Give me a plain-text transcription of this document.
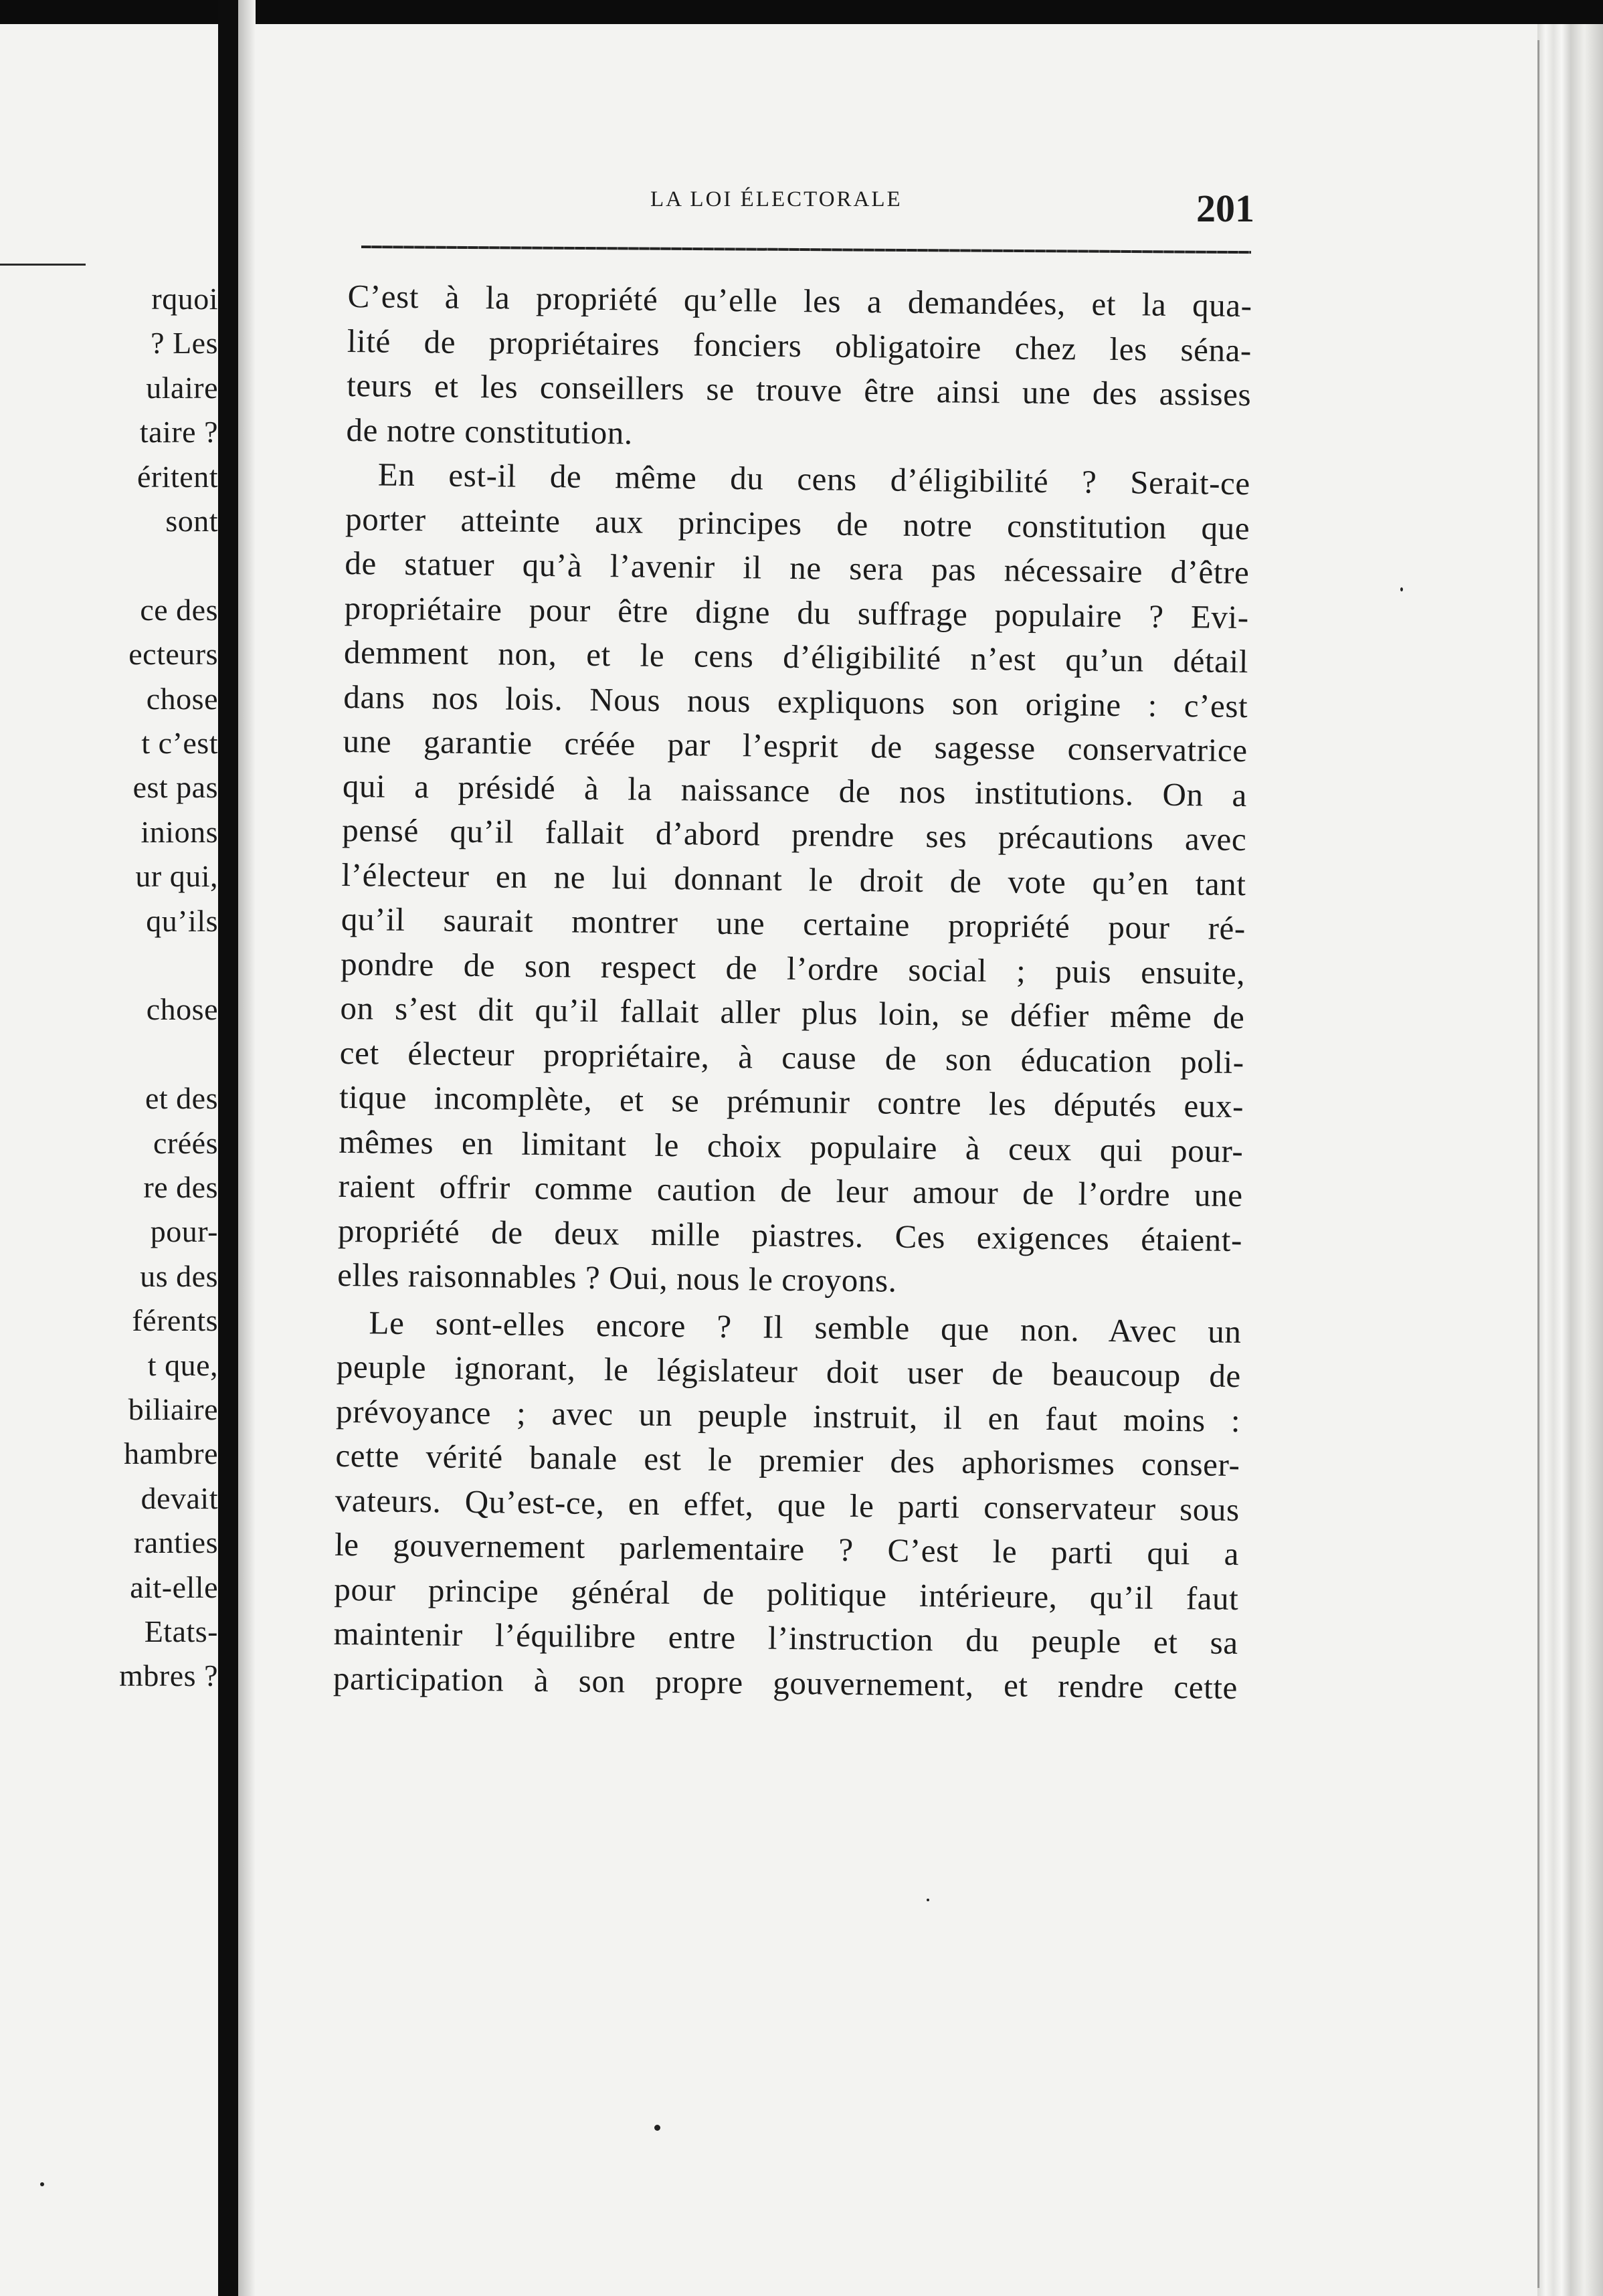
rquoi
? Les
ulaire
taire ?
éritent
sont
ce des
ecteurs
chose
t c’est
est pas
inions
ur qui,
qu’ils
chose
et des
créés
re des
pour-
us des
férents
t que,
biliaire
hambre
devait
ranties
ait-elle
Etats-
mbres ?
LA LOI ÉLECTORALE	201
C’est à la propriété qu’elle les a demandées, et la qua-
lité de propriétaires fonciers obligatoire chez les séna-
teurs et les conseillers se trouve être ainsi une des assises
de notre constitution.
En est-il de même du cens d’éligibilité ? Serait-ce
porter atteinte aux principes de notre constitution que
de statuer qu’à l’avenir il ne sera pas nécessaire d’être
propriétaire pour être digne du suffrage populaire ? Evi-
demment non, et le cens d’éligibilité n’est qu’un détail
dans nos lois. Nous nous expliquons son origine : c’est
une garantie créée par l’esprit de sagesse conservatrice
qui a présidé à la naissance de nos institutions. On a
pensé qu’il fallait d’abord prendre ses précautions avec
l’électeur en ne lui donnant le droit de vote qu’en tant
qu’il saurait montrer une certaine propriété pour ré-
pondre de son respect de l’ordre social ; puis ensuite,
on s’est dit qu’il fallait aller plus loin, se défier même de
cet électeur propriétaire, à cause de son éducation poli-
tique incomplète, et se prémunir contre les députés eux-
mêmes en limitant le choix populaire à ceux qui pour-
raient offrir comme caution de leur amour de l’ordre une
propriété de deux mille piastres. Ces exigences étaient-
elles raisonnables ? Oui, nous le croyons.
Le sont-elles encore ? Il semble que non. Avec un
peuple ignorant, le législateur doit user de beaucoup de
prévoyance ; avec un peuple instruit, il en faut moins :
cette vérité banale est le premier des aphorismes conser-
vateurs. Qu’est-ce, en effet, que le parti conservateur sous
le gouvernement parlementaire ? C’est le parti qui a
pour principe général de politique intérieure, qu’il faut
maintenir l’équilibre entre l’instruction du peuple et sa
participation à son propre gouvernement, et rendre cette
